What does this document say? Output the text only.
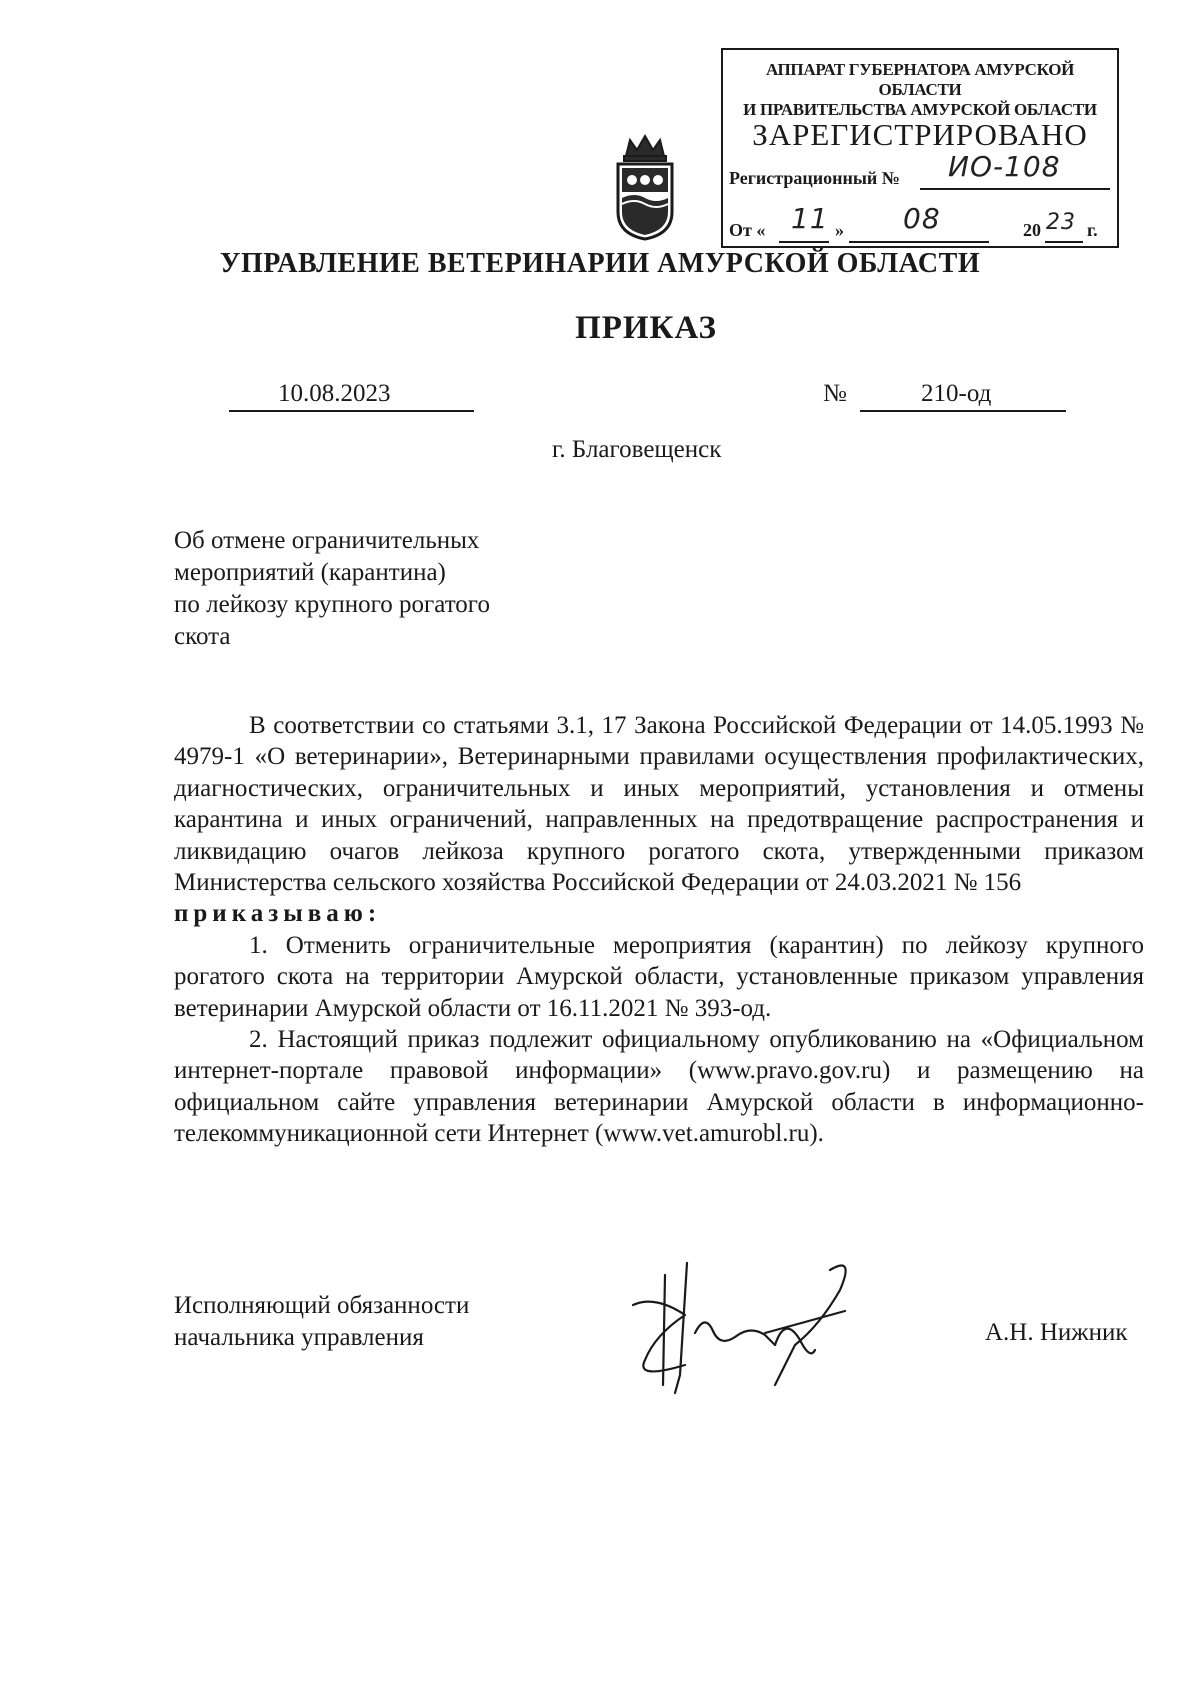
АППАРАТ ГУБЕРНАТОРА АМУРСКОЙ ОБЛАСТИ
И ПРАВИТЕЛЬСТВА АМУРСКОЙ ОБЛАСТИ
ЗАРЕГИСТРИРОВАНО
Регистрационный № ИО-108
От « 11 » 08	20 23 г.
УПРАВЛЕНИЕ ВЕТЕРИНАРИИ АМУРСКОЙ ОБЛАСТИ
ПРИКАЗ
10.08.2023	№	210-од
г. Благовещенск
Об отмене ограничительных
мероприятий (карантина)
по лейкозу крупного рогатого
скота

В соответствии со статьями 3.1, 17 Закона Российской Федерации от 14.05.1993 № 4979-1 «О ветеринарии», Ветеринарными правилами осуществления профилактических, диагностических, ограничительных и иных мероприятий, установления и отмены карантина и иных ограничений, направленных на предотвращение распространения и ликвидацию очагов лейкоза крупного рогатого скота, утвержденными приказом Министерства сельского хозяйства Российской Федерации от 24.03.2021 № 156

приказываю:

1. Отменить ограничительные мероприятия (карантин) по лейкозу крупного рогатого скота на территории Амурской области, установленные приказом управления ветеринарии Амурской области от 16.11.2021 № 393-од.

2. Настоящий приказ подлежит официальному опубликованию на «Официальном интернет-портале правовой информации» (www.pravo.gov.ru) и размещению на официальном сайте управления ветеринарии Амурской области в информационно-телекоммуникационной сети Интернет (www.vet.amurobl.ru).

Исполняющий обязанности
начальника управления	А.Н. Нижник
